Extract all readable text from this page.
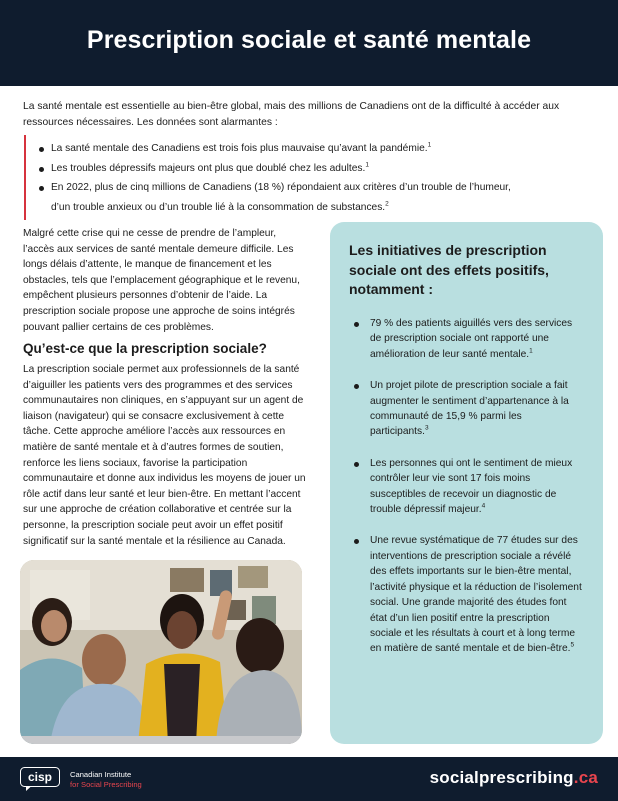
Prescription sociale et santé mentale

La santé mentale est essentielle au bien-être global, mais des millions de Canadiens ont de la difficulté à accéder aux ressources nécessaires. Les données sont alarmantes :

La santé mentale des Canadiens est trois fois plus mauvaise qu’avant la pandémie.$^1$
Les troubles dépressifs majeurs ont plus que doublé chez les adultes.$^1$
En 2022, plus de cinq millions de Canadiens (18 %) répondaient aux critères d’un trouble de l’humeur,
d’un trouble anxieux ou d’un trouble lié à la consommation de substances.$^2$

Malgré cette crise qui ne cesse de prendre de l’ampleur, l’accès aux services de santé mentale demeure difficile. Les longs délais d’attente, le manque de financement et les obstacles, tels que l’emplacement géographique et le revenu, empêchent plusieurs personnes d’obtenir de l’aide. La prescription sociale propose une approche de soins intégrés pouvant pallier certains de ces problèmes.

Qu’est-ce que la prescription sociale?

La prescription sociale permet aux professionnels de la santé d’aiguiller les patients vers des programmes et des services communautaires non cliniques, en s’appuyant sur un agent de liaison (navigateur) qui se consacre exclusivement à cette tâche. Cette approche améliore l’accès aux ressources en matière de santé mentale et à d’autres formes de soutien, renforce les liens sociaux, favorise la participation communautaire et donne aux individus les moyens de jouer un rôle actif dans leur santé et leur bien-être. En mettant l’accent sur une approche de création collaborative et centrée sur la personne, la prescription sociale peut avoir un effet positif significatif sur la santé mentale et la résilience au Canada.

Les initiatives de prescription sociale ont des effets positifs, notamment :
79 % des patients aiguillés vers des services de prescription sociale ont rapporté une amélioration de leur santé mentale.$^1$
Un projet pilote de prescription sociale a fait augmenter le sentiment d’appartenance à la communauté de 15,9 % parmi les participants.$^3$
Les personnes qui ont le sentiment de mieux contrôler leur vie sont 17 fois moins susceptibles de recevoir un diagnostic de trouble dépressif majeur.$^4$
Une revue systématique de 77 études sur des interventions de prescription sociale a révélé des effets importants sur le bien-être mental, l’activité physique et la réduction de l’isolement social. Une grande majorité des études font état d’un lien positif entre la prescription sociale et les résultats à court et à long terme en matière de santé mentale et de bien-être.$^5$
cisp Canadian Institute
for Social Prescribing	socialprescribing.ca
